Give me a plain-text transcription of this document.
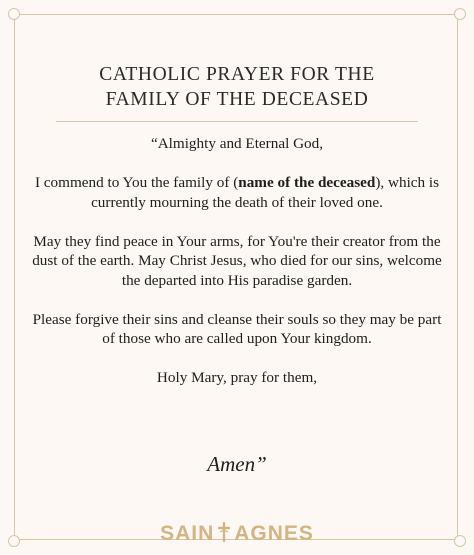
CATHOLIC PRAYER FOR THE
FAMILY OF THE DECEASED

“Almighty and Eternal God,

I commend to You the family of (name of the deceased), which is currently mourning the death of their loved one.

May they find peace in Your arms, for You're their creator from the dust of the earth. May Christ Jesus, who died for our sins, welcome the departed into His paradise garden.

Please forgive their sins and cleanse their souls so they may be part of those who are called upon Your kingdom.

Holy Mary, pray for them,

Amen”
SAIN AGNES
